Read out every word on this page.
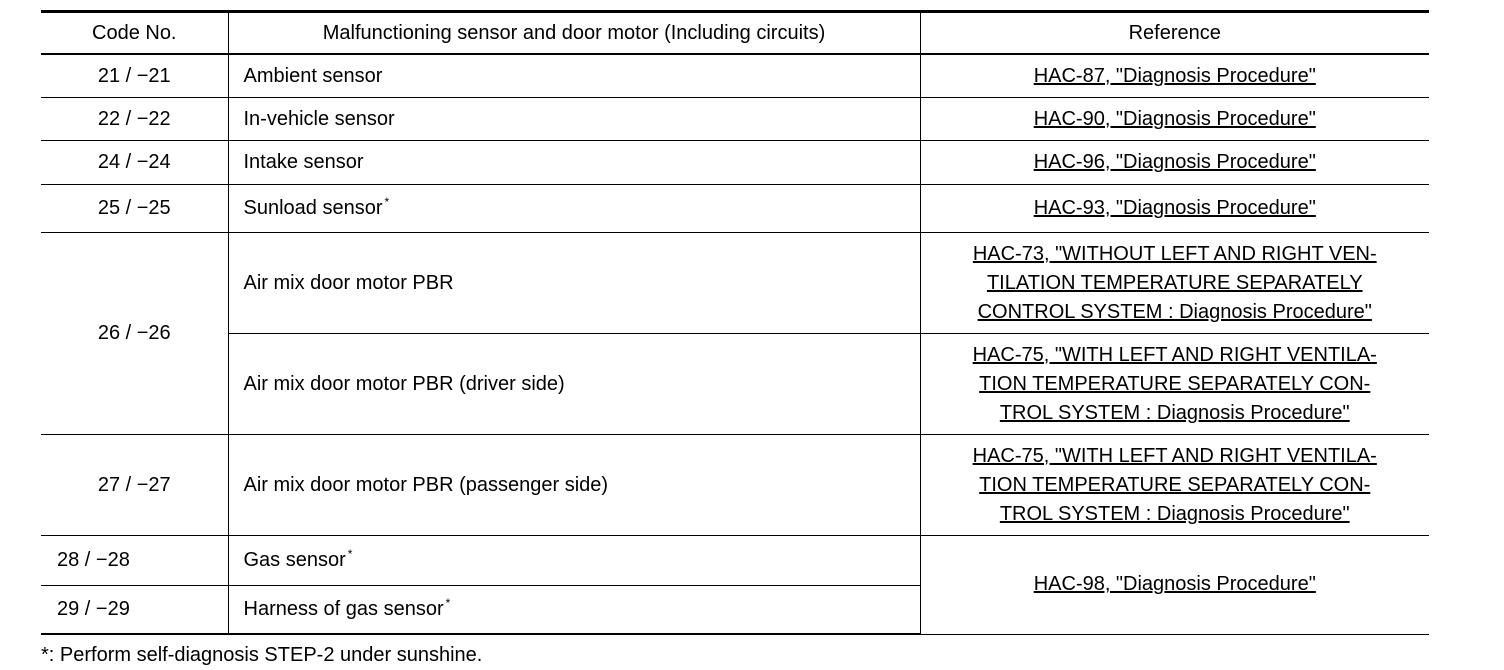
Code No.	Malfunctioning sensor and door motor (Including circuits)	Reference
21 / −21	Ambient sensor	HAC-87, "Diagnosis Procedure"
22 / −22	In-vehicle sensor	HAC-90, "Diagnosis Procedure"
24 / −24	Intake sensor	HAC-96, "Diagnosis Procedure"
25 / −25	Sunload sensor *	HAC-93, "Diagnosis Procedure"
26 / −26	Air mix door motor PBR	HAC-73, "WITHOUT LEFT AND RIGHT VEN-
TILATION TEMPERATURE SEPARATELY
CONTROL SYSTEM : Diagnosis Procedure"
	Air mix door motor PBR (driver side)	HAC-75, "WITH LEFT AND RIGHT VENTILA-
TION TEMPERATURE SEPARATELY CON-
TROL SYSTEM : Diagnosis Procedure"
27 / −27	Air mix door motor PBR (passenger side)	HAC-75, "WITH LEFT AND RIGHT VENTILA-
TION TEMPERATURE SEPARATELY CON-
TROL SYSTEM : Diagnosis Procedure"
28 / −28	Gas sensor *	HAC-98, "Diagnosis Procedure"
29 / −29	Harness of gas sensor *
*: Perform self-diagnosis STEP-2 under sunshine.
